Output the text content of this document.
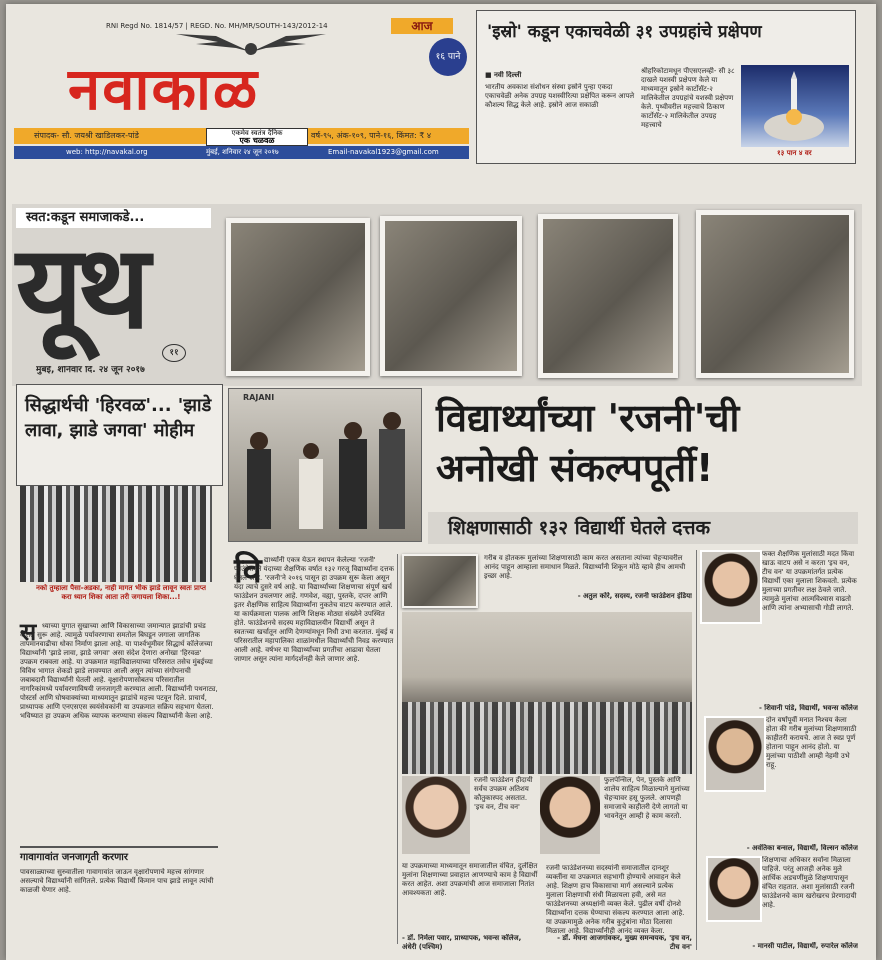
RNI Regd No. 1814/57 | REGD. No. MH/MR/SOUTH-143/2012-14	आज
१६ पाने
नवाकाळ
संपादक- सौ. जयश्री खाडिलकर-पांडे	एकमेव स्वतंत्र दैनिक
एक चळवळ
वर्ष-९५, अंक-१०९, पाने-१६, किंमत: ₹ ४
web: http://navakal.org	मुंबई, शनिवार २४ जून २०१७	Email-navakal1923@gmail.com
'इस्रो' कडून एकाचवेळी ३१ उपग्रहांचे प्रक्षेपण
■ नवी दिल्ली
भारतीय अवकाश संशोधन संस्था इस्रोने पुन्हा एकदा एकाचवेळी अनेक उपग्रह यशस्वीरित्या प्रक्षेपित करून आपले कौशल्य सिद्ध केले आहे. इस्रोने आज सकाळी
श्रीहरिकोटामधून पीएसएलव्ही- सी ३८ दाखले यशस्वी प्रक्षेपण केले या माध्यमातून इस्रोने कार्टोसॅट-२ मालिकेतील उपग्रहांचे यशस्वी प्रक्षेपण केले. पृथ्वीवरील महत्त्वाचे ठिकाण कार्टोसॅट-२ मालिकेतील उपग्रह महत्त्वाचे
१३ पान ४ वर
स्वत:कडून समाजाकडे...
यूथ	११
मुंबई, शनिवार दि. २४ जून २०१७
सिद्धार्थची 'हिरवळ'... 'झाडे लावा, झाडे जगवा' मोहीम
नको तुम्हाला पैसा-अडका, नाही मागत भीक झाडे लावून स्वतः प्राप्त करा ध्यान शिका आता तरी जगायला शिका...!
स ध्याच्या युगात सुखाच्या आणि विकासाच्या जमान्यात झाडांची प्रचंड कत्तल सुरू आहे. त्यामुळे पर्यावरणाचा समतोल बिघडून जगाला जागतिक तापमानवाढीचा धोका निर्माण झाला आहे. या पार्श्वभूमीवर सिद्धार्थ कॉलेजच्या विद्यार्थ्यांनी 'झाडे लावा, झाडे जगवा' असा संदेश देणारा अनोखा 'हिरवळ' उपक्रम राबवला आहे. या उपक्रमात महाविद्यालयाच्या परिसरात तसेच मुंबईच्या विविध भागात शेकडो झाडे लावण्यात आली असून त्यांच्या संगोपनाची जबाबदारी विद्यार्थ्यांनी घेतली आहे. वृक्षारोपणासोबतच परिसरातील नागरिकांमध्ये पर्यावरणाविषयी जनजागृती करण्यात आली. विद्यार्थ्यांनी पथनाट्य, पोस्टर्स आणि घोषवाक्यांच्या माध्यमातून झाडांचे महत्त्व पटवून दिले. प्राचार्य, प्राध्यापक आणि एनएसएस स्वयंसेवकांनी या उपक्रमात सक्रिय सहभाग घेतला. भविष्यात हा उपक्रम अधिक व्यापक करण्याचा संकल्प विद्यार्थ्यांनी केला आहे.
गावागावांत जनजागृती करणार
पावसाळ्याच्या सुरुवातीला गावागावांत जाऊन वृक्षारोपणाचे महत्त्व सांगणार असल्याचे विद्यार्थ्यांनी सांगितले. प्रत्येक विद्यार्थी किमान पाच झाडे लावून त्यांची काळजी घेणार आहे.
RAJANI	विद्यार्थ्यांच्या 'रजनी'ची
अनोखी संकल्पपूर्ती!
शिक्षणासाठी १३२ विद्यार्थी घेतले दत्तक
वि द्यार्थ्यांनी एकत्र येऊन स्थापन केलेल्या 'रजनी' फाउंडेशनने यंदाच्या शैक्षणिक वर्षात १३२ गरजू विद्यार्थ्यांना दत्तक घेतले आहे. 'रजनी'ने २०१६ पासून हा उपक्रम सुरू केला असून यंदा त्याचे दुसरे वर्ष आहे. या विद्यार्थ्यांच्या शिक्षणाचा संपूर्ण खर्च फाउंडेशन उचलणार आहे. गणवेश, वह्या, पुस्तके, दप्तर आणि इतर शैक्षणिक साहित्य विद्यार्थ्यांना नुकतेच वाटप करण्यात आले. या कार्यक्रमाला पालक आणि शिक्षक मोठ्या संख्येने उपस्थित होते. फाउंडेशनचे सदस्य महाविद्यालयीन विद्यार्थी असून ते स्वतःच्या खर्चातून आणि देणग्यांमधून निधी उभा करतात. मुंबई व परिसरातील महापालिका शाळांमधील विद्यार्थ्यांची निवड करण्यात आली आहे. वर्षभर या विद्यार्थ्यांच्या प्रगतीचा आढावा घेतला जाणार असून त्यांना मार्गदर्शनही केले जाणार आहे.
गरीब व होतकरू मुलांच्या शिक्षणासाठी काम करत असताना त्यांच्या चेहऱ्यावरील आनंद पाहून आम्हाला समाधान मिळते. विद्यार्थ्यांनी शिकून मोठे व्हावे हीच आमची इच्छा आहे.
- अतुल कोरे, सदस्य, रजनी फाउंडेशन इंडिया
रजनी फाउंडेशन हीदायी सर्वच उपक्रम अतिशय कौतुकास्पद असतात. 'इच वन, टीच वन'
या उपक्रमाच्या माध्यमातून समाजातील वंचित, दुर्लक्षित मुलांना शिक्षणाच्या प्रवाहात आणण्याचे काम हे विद्यार्थी करत आहेत. अशा उपक्रमांची आज समाजाला नितांत आवश्यकता आहे.
- डॉ. निर्मला पवार, प्राध्यापक, भवन्स कॉलेज, अंधेरी (पश्चिम)
फुलपेन्सिल, पेन, पुस्तके आणि शालेय साहित्य मिळाल्याने मुलांच्या चेहऱ्यावर हसू फुलले. आपणही समाजाचे काहीतरी देणे लागतो या भावनेतून आम्ही हे काम करतो.
रजनी फाउंडेशनच्या सदस्यांनी समाजातील दानशूर व्यक्तींना या उपक्रमात सहभागी होण्याचे आवाहन केले आहे. शिक्षण हाच विकासाचा मार्ग असल्याने प्रत्येक मुलाला शिक्षणाची संधी मिळायला हवी, असे मत फाउंडेशनच्या अध्यक्षांनी व्यक्त केले. पुढील वर्षी दोनशे विद्यार्थ्यांना दत्तक घेण्याचा संकल्प करण्यात आला आहे. या उपक्रमामुळे अनेक गरीब कुटुंबांना मोठा दिलासा मिळाला आहे. विद्यार्थ्यांनीही आनंद व्यक्त केला.
- डॉ. मेघना आजगांवकर, मुख्य समन्वयक, 'इच वन, टीच वन'
फक्त शैक्षणिक मुलांसाठी मदत किंवा खाऊ वाटप असे न करता 'इच वन, टीच वन' या उपक्रमांतर्गत प्रत्येक विद्यार्थी एका मुलाला शिकवतो. प्रत्येक मुलाच्या प्रगतीवर लक्ष ठेवले जाते. त्यामुळे मुलांचा आत्मविश्वास वाढतो आणि त्यांना अभ्यासाची गोडी लागते.
- शिवानी पांडे, विद्यार्थी, भवन्स कॉलेज
दोन वर्षांपूर्वी मनात निश्चय केला होता की गरीब मुलांच्या शिक्षणासाठी काहीतरी करायचे. आज ते स्वप्न पूर्ण होताना पाहून आनंद होतो. या मुलांच्या पाठीशी आम्ही नेहमी उभे राहू.
- अवंतिका बन्सल, विद्यार्थी, विल्सन कॉलेज
शिक्षणाचा अधिकार सर्वांना मिळाला पाहिजे. परंतु आजही अनेक मुले आर्थिक अडचणींमुळे शिक्षणापासून वंचित राहतात. अशा मुलांसाठी रजनी फाउंडेशनचे काम खरोखरच प्रेरणादायी आहे.
- मानसी पाटील, विद्यार्थी, रुपारेल कॉलेज
